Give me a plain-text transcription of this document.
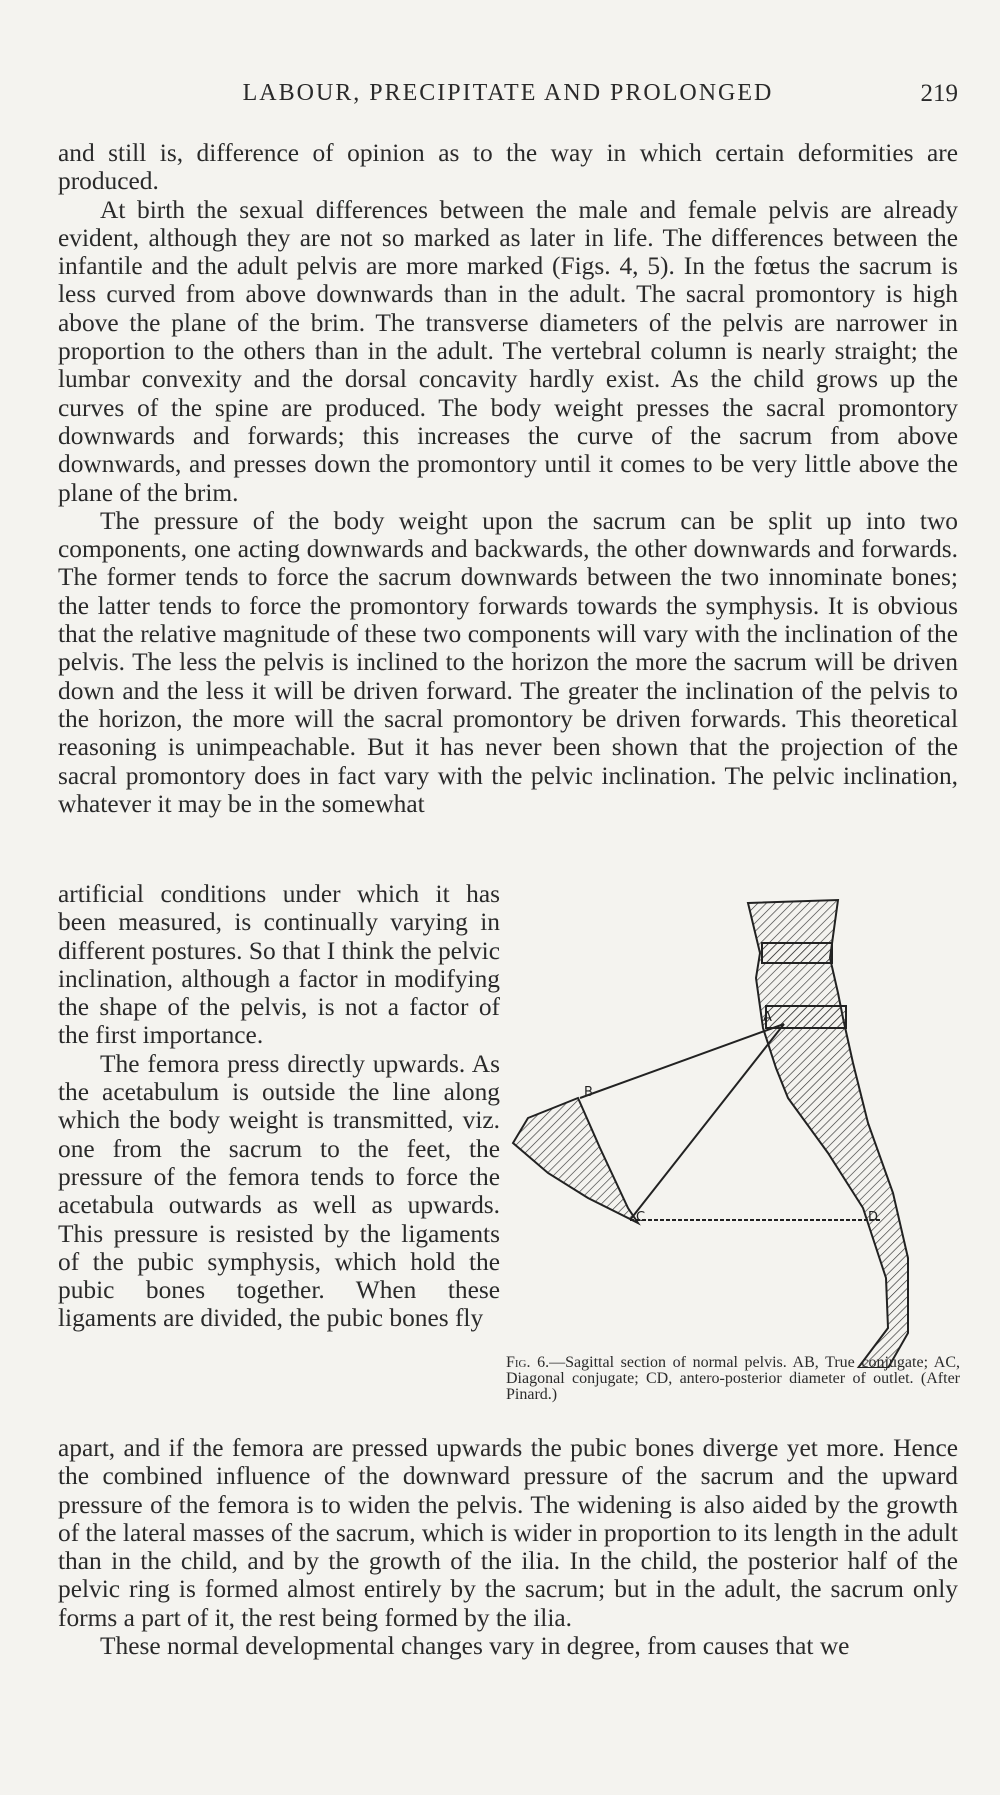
LABOUR, PRECIPITATE AND PROLONGED	219

and still is, difference of opinion as to the way in which certain deformities are produced.

At birth the sexual differences between the male and female pelvis are already evident, although they are not so marked as later in life. The differences between the infantile and the adult pelvis are more marked (Figs. 4, 5). In the fœtus the sacrum is less curved from above downwards than in the adult. The sacral promontory is high above the plane of the brim. The transverse diameters of the pelvis are narrower in proportion to the others than in the adult. The vertebral column is nearly straight; the lumbar convexity and the dorsal concavity hardly exist. As the child grows up the curves of the spine are produced. The body weight presses the sacral promontory downwards and forwards; this increases the curve of the sacrum from above downwards, and presses down the promontory until it comes to be very little above the plane of the brim.

The pressure of the body weight upon the sacrum can be split up into two components, one acting downwards and backwards, the other downwards and forwards. The former tends to force the sacrum downwards between the two innominate bones; the latter tends to force the promontory forwards towards the symphysis. It is obvious that the relative magnitude of these two components will vary with the inclination of the pelvis. The less the pelvis is inclined to the horizon the more the sacrum will be driven down and the less it will be driven forward. The greater the inclination of the pelvis to the horizon, the more will the sacral promontory be driven forwards. This theoretical reasoning is unimpeachable. But it has never been shown that the projection of the sacral promontory does in fact vary with the pelvic inclination. The pelvic inclination, whatever it may be in the somewhat

artificial conditions under which it has been measured, is continually varying in different postures. So that I think the pelvic inclination, although a factor in modifying the shape of the pelvis, is not a factor of the first importance.

The femora press directly upwards. As the acetabulum is outside the line along which the body weight is transmitted, viz. one from the sacrum to the feet, the pressure of the femora tends to force the acetabula outwards as well as upwards. This pressure is resisted by the ligaments of the pubic symphysis, which hold the pubic bones together. When these ligaments are divided, the pubic bones fly

A
B
C	D
Fig. 6.—Sagittal section of normal pelvis. AB, True conjugate; AC, Diagonal conjugate; CD, antero-posterior diameter of outlet. (After Pinard.)

apart, and if the femora are pressed upwards the pubic bones diverge yet more. Hence the combined influence of the downward pressure of the sacrum and the upward pressure of the femora is to widen the pelvis. The widening is also aided by the growth of the lateral masses of the sacrum, which is wider in proportion to its length in the adult than in the child, and by the growth of the ilia. In the child, the posterior half of the pelvic ring is formed almost entirely by the sacrum; but in the adult, the sacrum only forms a part of it, the rest being formed by the ilia.

These normal developmental changes vary in degree, from causes that we
